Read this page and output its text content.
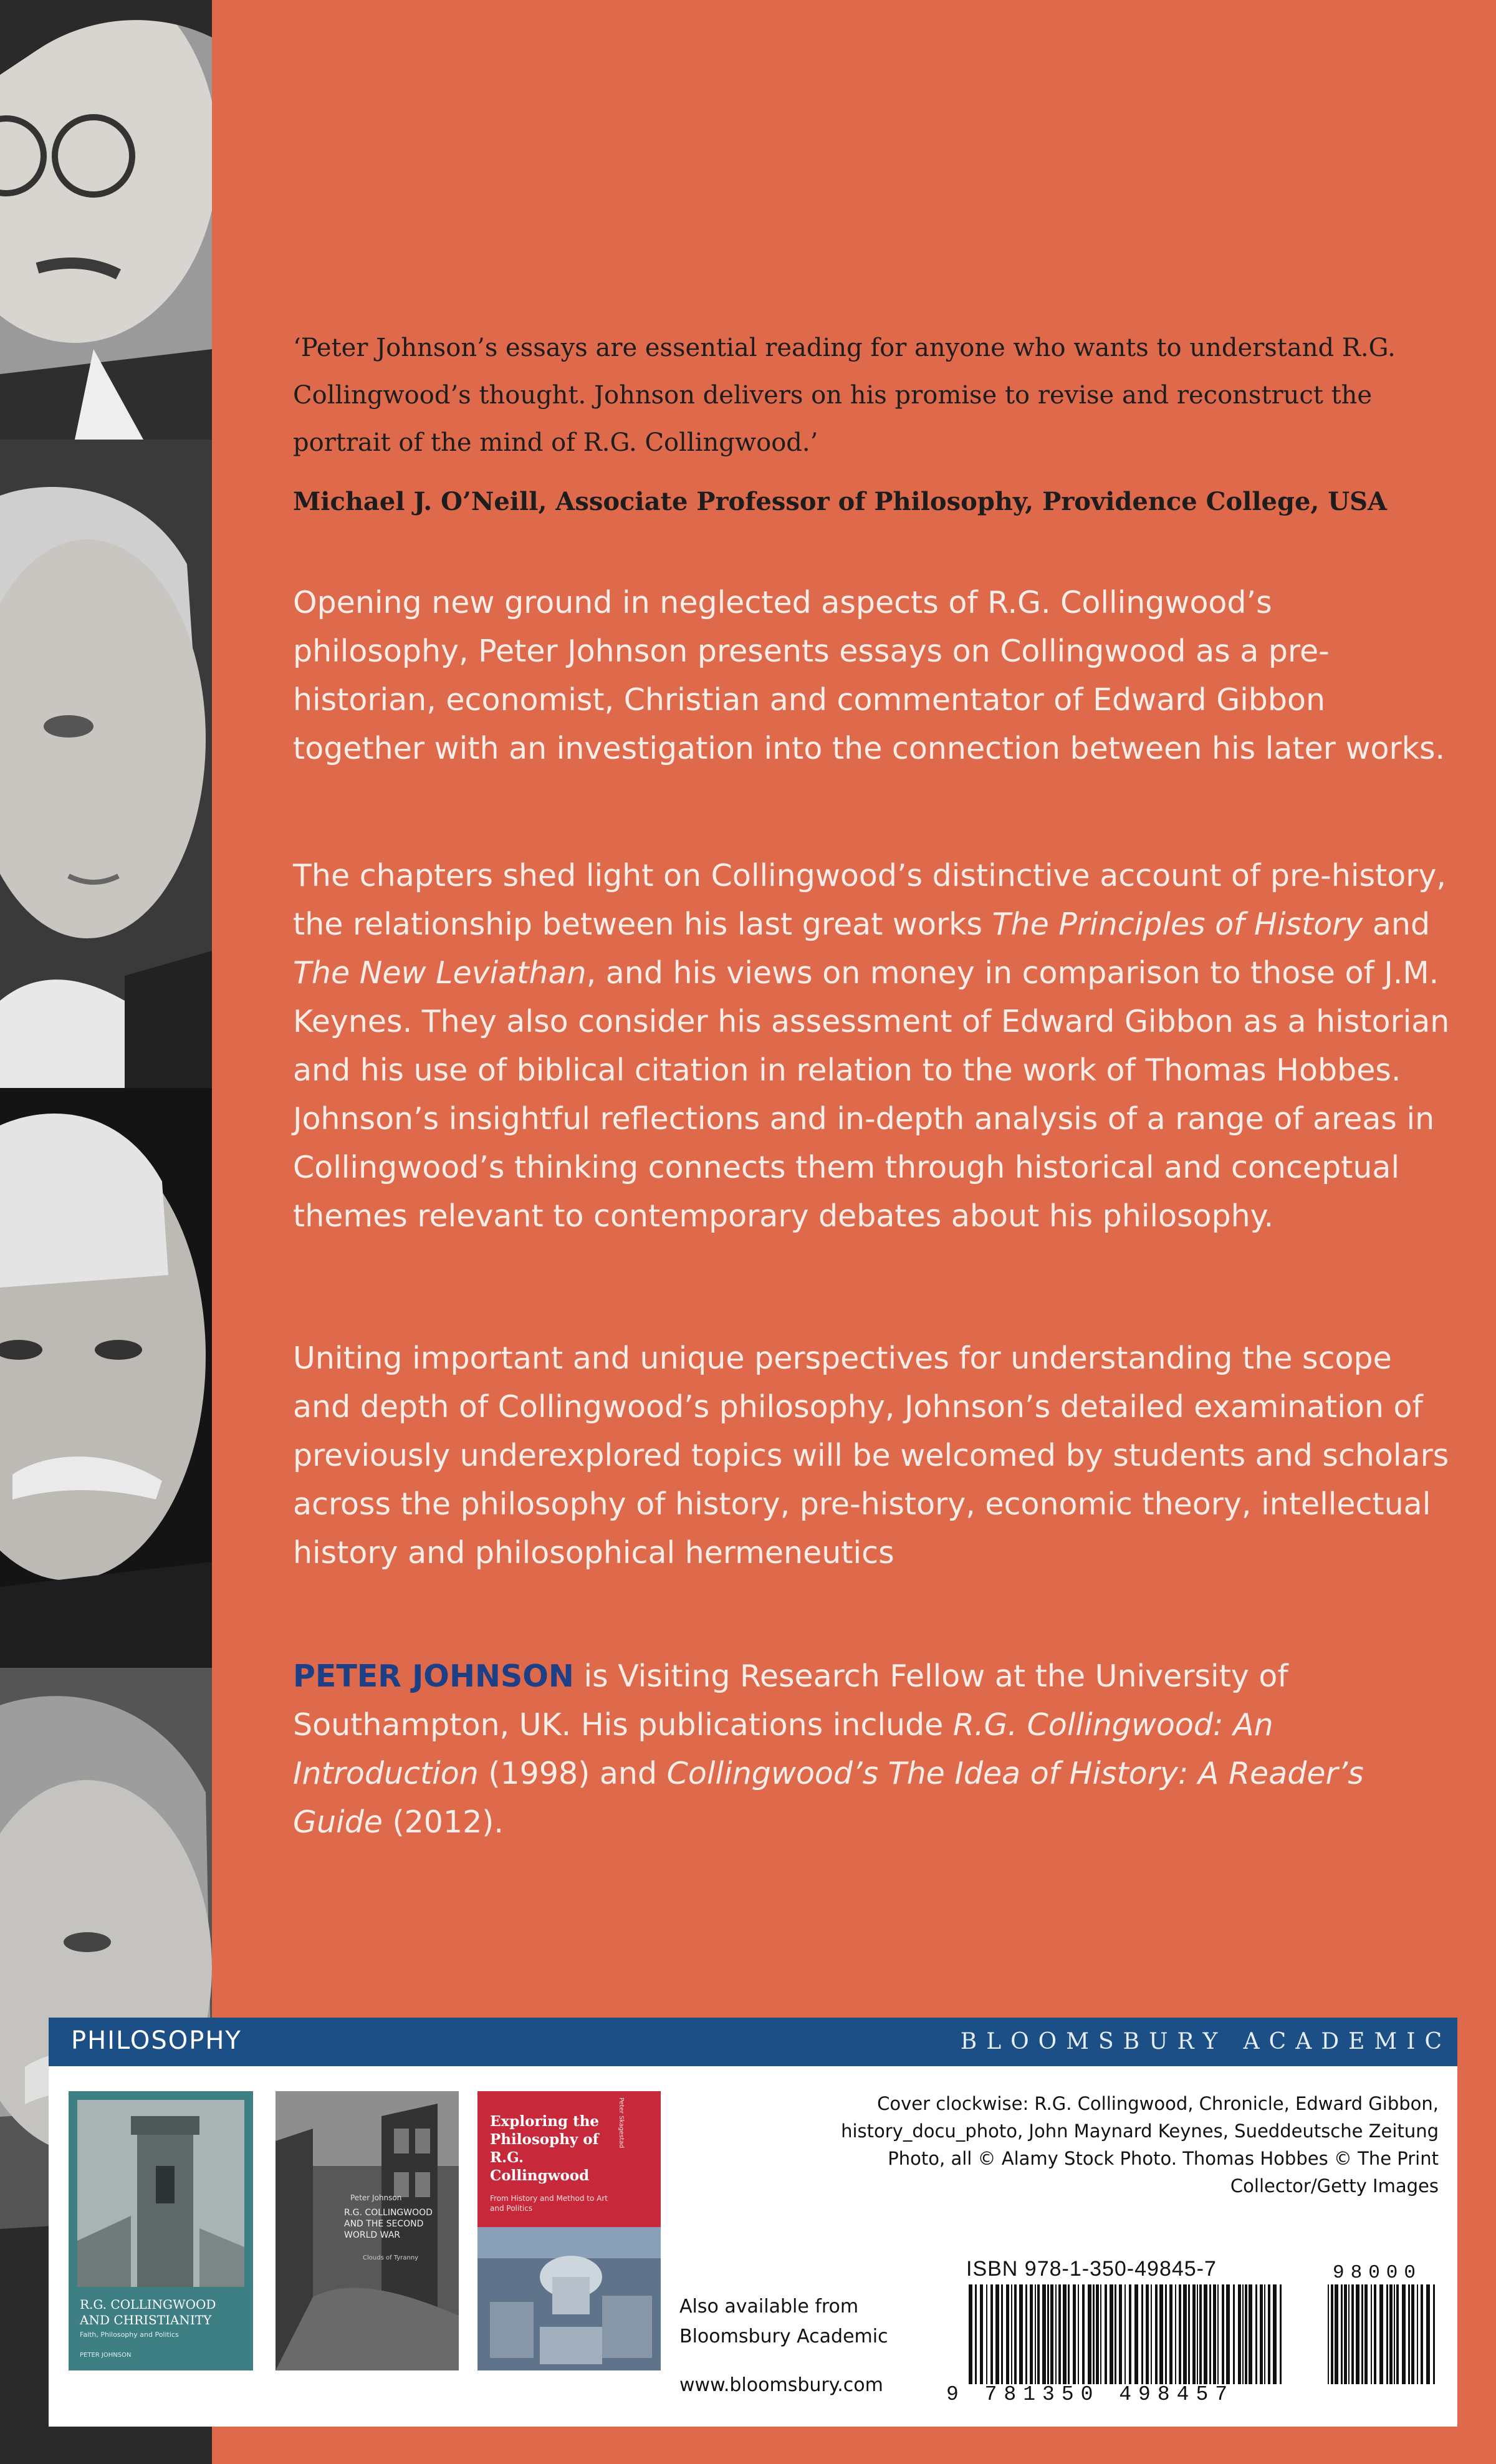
‘Peter Johnson’s essays are essential reading for anyone who wants to understand R.G. Collingwood’s thought. Johnson delivers on his promise to revise and reconstruct the portrait of the mind of R.G. Collingwood.’

Michael J. O’Neill, Associate Professor of Philosophy, Providence College, USA

Opening new ground in neglected aspects of R.G. Collingwood’s philosophy, Peter Johnson presents essays on Collingwood as a pre-historian, economist, Christian and commentator of Edward Gibbon together with an investigation into the connection between his later works.

The chapters shed light on Collingwood’s distinctive account of pre-history, the relationship between his last great works The Principles of History and The New Leviathan, and his views on money in comparison to those of J.M. Keynes. They also consider his assessment of Edward Gibbon as a historian and his use of biblical citation in relation to the work of Thomas Hobbes. Johnson’s insightful reflections and in-depth analysis of a range of areas in Collingwood’s thinking connects them through historical and conceptual themes relevant to contemporary debates about his philosophy.

Uniting important and unique perspectives for understanding the scope and depth of Collingwood’s philosophy, Johnson’s detailed examination of previously underexplored topics will be welcomed by students and scholars across the philosophy of history, pre-history, economic theory, intellectual history and philosophical hermeneutics

PETER JOHNSON is Visiting Research Fellow at the University of Southampton, UK. His publications include R.G. Collingwood: An Introduction (1998) and Collingwood’s The Idea of History: A Reader’s Guide (2012).

PHILOSOPHY	BLOOMSBURY ACADEMIC
R.G. COLLINGWOOD AND CHRISTIANITY
Faith, Philosophy and Politics
PETER JOHNSON
Peter Johnson
R.G. COLLINGWOOD AND THE SECOND WORLD WAR
Clouds of Tyranny
Exploring the Philosophy of R.G. Collingwood
From History and Method to Art and Politics
Peter Skagestad	Cover clockwise: R.G. Collingwood, Chronicle, Edward Gibbon, history_docu_photo, John Maynard Keynes, Sueddeutsche Zeitung Photo, all © Alamy Stock Photo. Thomas Hobbes © The Print Collector/Getty Images
Also available from
Bloomsbury Academic
www.bloomsbury.com
ISBN 978-1-350-49845-7	98000
9 781350 498457
